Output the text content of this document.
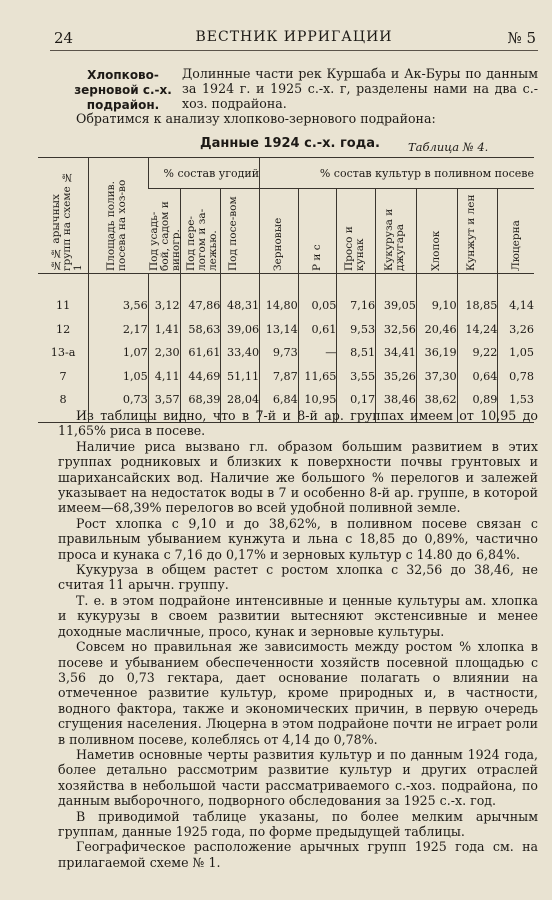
24	ВЕСТНИК ИРРИГАЦИИ	№ 5
Хлопково-зерновой с.-х. подрайон.
Долинные части рек Куршаба и Ак-Буры по данным за 1924 г. и 1925 с.-х. г, разделены нами на два с.-хоз. подрайона.
Обратимся к анализу хлопково-зернового подрайона:
Данные 1924 с.-х. года. Таблица № 4.
№№ арычных групп на схеме № 1	Площадь полив. посева на хоз-во	% состав угодий			% состав культур в поливном посеве						

		Под усадь-бой, садом и виногр.	Под пере-логом и за-лежью.	Под посе-вом	Зерновые	Р и с	Просо и кунак	Кукуруза и джугара	Хлопок	Кунжут и лен	Люцерна

11	3,56	3,12	47,86	48,31	14,80	0,05	7,16	39,05	9,10	18,85	4,14
12	2,17	1,41	58,63	39,06	13,14	0,61	9,53	32,56	20,46	14,24	3,26
13-а	1,07	2,30	61,61	33,40	9,73	—	8,51	34,41	36,19	9,22	1,05
7	1,05	4,11	44,69	51,11	7,87	11,65	3,55	35,26	37,30	0,64	0,78
8	0,73	3,57	68,39	28,04	6,84	10,95	0,17	38,46	38,62	0,89	1,53

Из таблицы видно, что в 7-й и 8-й ар. группах имеем от 10,95 до 11,65% риса в посеве.

Наличие риса вызвано гл. образом большим развитием в этих группах родниковых и близких к поверхности почвы грунтовых и шарихансайских вод. Наличие же большого % перелогов и залежей указывает на недостаток воды в 7 и особенно 8-й ар. группе, в которой имеем—68,39% перелогов во всей удобной поливной земле.

Рост хлопка с 9,10 и до 38,62%, в поливном посеве связан с правильным убыванием кунжута и льна с 18,85 до 0,89%, частично проса и кунака с 7,16 до 0,17% и зерновых культур с 14.80 до 6,84%.

Кукуруза в общем растет с ростом хлопка с 32,56 до 38,46, не считая 11 арычн. группу.

Т. е. в этом подрайоне интенсивные и ценные культуры ам. хлопка и кукурузы в своем развитии вытесняют экстенсивные и менее доходные масличные, просо, кунак и зерновые культуры.

Совсем но правильная же зависимость между ростом % хлопка в посеве и убыванием обеспеченности хозяйств посевной площадью с 3,56 до 0,73 гектара, дает основание полагать о влиянии на отмеченное развитие культур, кроме природных и, в частности, водного фактора, также и экономических причин, в первую очередь сгущения населения. Люцерна в этом подрайоне почти не играет роли в поливном посеве, колеблясь от 4,14 до 0,78%.

Наметив основные черты развития культур и по данным 1924 года, более детально рассмотрим развитие культур и других отраслей хозяйства в небольшой части рассматриваемого с.-хоз. подрайона, по данным выборочного, подворного обследования за 1925 с.-х. год.

В приводимой таблице указаны, по более мелким арычным группам, данные 1925 года, по форме предыдущей таблицы.

Географическое расположение арычных групп 1925 года см. на прилагаемой схеме № 1.
